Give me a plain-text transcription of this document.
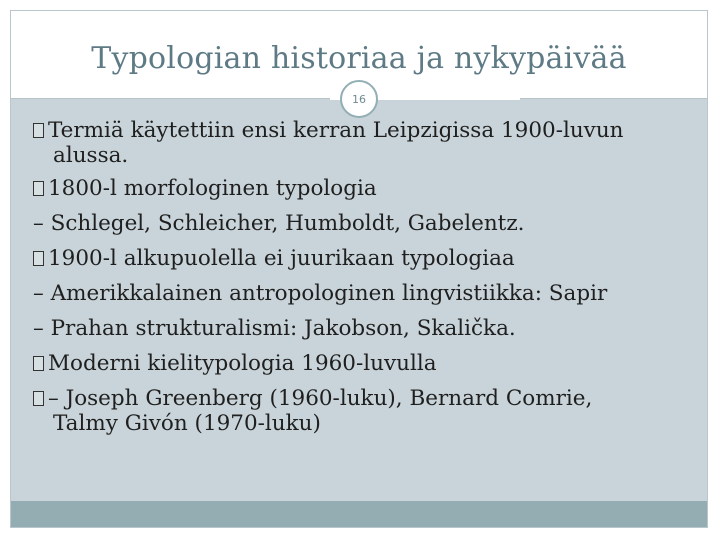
Typologian historiaa ja nykypäivää
16
Termiä käytettiin ensi kerran Leipzigissa 1900-luvun
alussa.
1800-l morfologinen typologia
– Schlegel, Schleicher, Humboldt, Gabelentz.
1900-l alkupuolella ei juurikaan typologiaa
– Amerikkalainen antropologinen lingvistiikka: Sapir
– Prahan strukturalismi: Jakobson, Skalička.
Moderni kielitypologia 1960-luvulla
– Joseph Greenberg (1960-luku), Bernard Comrie,
Talmy Givón (1970-luku)
